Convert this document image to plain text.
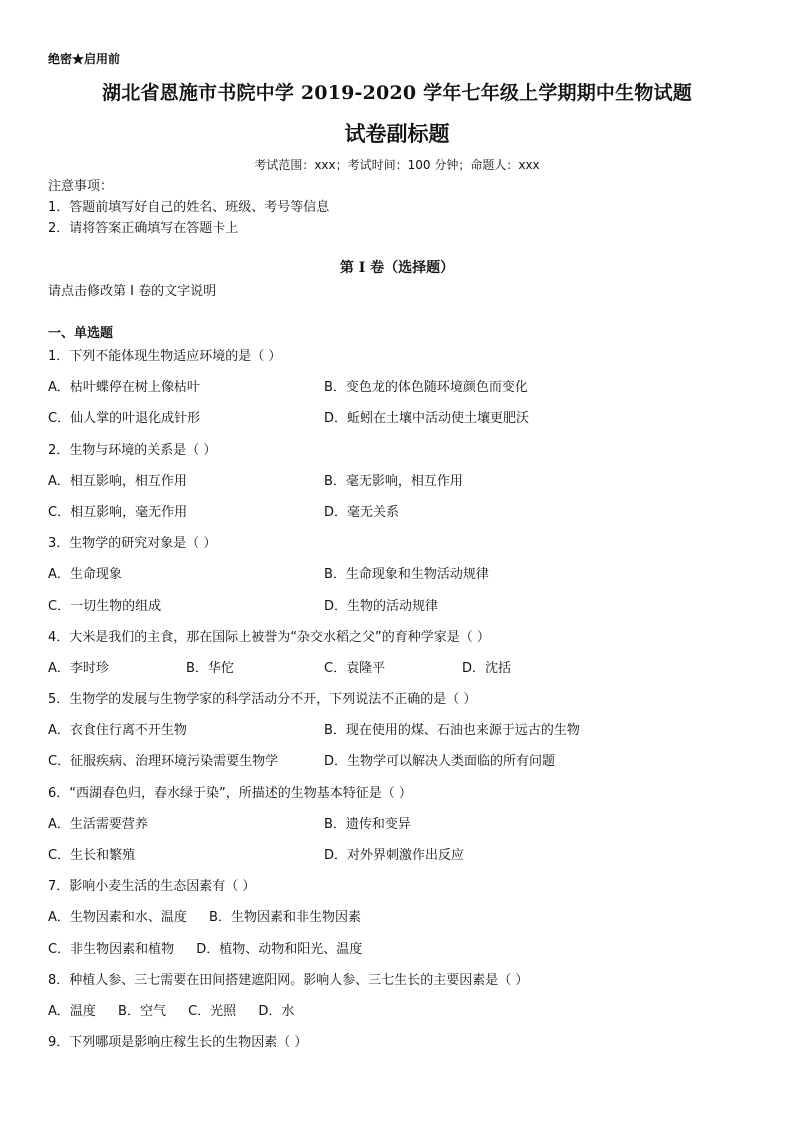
绝密★启用前
湖北省恩施市书院中学 2019-2020 学年七年级上学期期中生物试题
试卷副标题
考试范围：xxx；考试时间：100 分钟；命题人：xxx
注意事项：
1．答题前填写好自己的姓名、班级、考号等信息
2．请将答案正确填写在答题卡上
第 I 卷（选择题）
请点击修改第 I 卷的文字说明
一、单选题
1．下列不能体现生物适应环境的是（ ）
A．枯叶蝶停在树上像枯叶	B．变色龙的体色随环境颜色而变化
C．仙人掌的叶退化成针形	D．蚯蚓在土壤中活动使土壤更肥沃
2．生物与环境的关系是（ ）
A．相互影响，相互作用	B．毫无影响，相互作用
C．相互影响，毫无作用	D．毫无关系
3．生物学的研究对象是（ ）
A．生命现象	B．生命现象和生物活动规律
C．一切生物的组成	D．生物的活动规律
4．大米是我们的主食，那在国际上被誉为“杂交水稻之父”的育种学家是（ ）
A．李时珍	B．华佗	C．袁隆平	D．沈括
5．生物学的发展与生物学家的科学活动分不开，下列说法不正确的是（ ）
A．衣食住行离不开生物	B．现在使用的煤、石油也来源于远古的生物
C．征服疾病、治理环境污染需要生物学	D．生物学可以解决人类面临的所有问题
6．“西湖春色归，春水绿于染”，所描述的生物基本特征是（ ）
A．生活需要营养	B．遗传和变异
C．生长和繁殖	D．对外界刺激作出反应
7．影响小麦生活的生态因素有（ ）
A．生物因素和水、温度 B．生物因素和非生物因素
C．非生物因素和植物 D．植物、动物和阳光、温度
8．种植人参、三七需要在田间搭建遮阳网。影响人参、三七生长的主要因素是（ ）
A．温度 B．空气 C．光照 D．水
9．下列哪项是影响庄稼生长的生物因素（ ）
